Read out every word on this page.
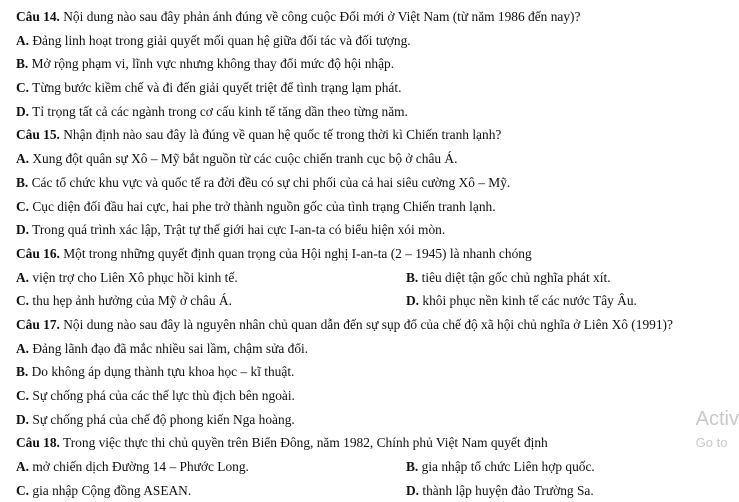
Câu 14. Nội dung nào sau đây phản ánh đúng về công cuộc Đổi mới ở Việt Nam (từ năm 1986 đến nay)?
A. Đảng linh hoạt trong giải quyết mối quan hệ giữa đối tác và đối tượng.
B. Mở rộng phạm vi, lĩnh vực nhưng không thay đổi mức độ hội nhập.
C. Từng bước kiềm chế và đi đến giải quyết triệt để tình trạng lạm phát.
D. Tỉ trọng tất cả các ngành trong cơ cấu kinh tế tăng dần theo từng năm.
Câu 15. Nhận định nào sau đây là đúng về quan hệ quốc tế trong thời kì Chiến tranh lạnh?
A. Xung đột quân sự Xô – Mỹ bắt nguồn từ các cuộc chiến tranh cục bộ ở châu Á.
B. Các tổ chức khu vực và quốc tế ra đời đều có sự chi phối của cả hai siêu cường Xô – Mỹ.
C. Cục diện đối đầu hai cực, hai phe trở thành nguồn gốc của tình trạng Chiến tranh lạnh.
D. Trong quá trình xác lập, Trật tự thế giới hai cực I-an-ta có biểu hiện xói mòn.
Câu 16. Một trong những quyết định quan trọng của Hội nghị I-an-ta (2 – 1945) là nhanh chóng
A. viện trợ cho Liên Xô phục hồi kinh tế.	B. tiêu diệt tận gốc chủ nghĩa phát xít.
C. thu hẹp ảnh hưởng của Mỹ ở châu Á.	D. khôi phục nền kinh tế các nước Tây Âu.
Câu 17. Nội dung nào sau đây là nguyên nhân chủ quan dẫn đến sự sụp đổ của chế độ xã hội chủ nghĩa ở Liên Xô (1991)?
A. Đảng lãnh đạo đã mắc nhiều sai lầm, chậm sửa đổi.
B. Do không áp dụng thành tựu khoa học – kĩ thuật.
C. Sự chống phá của các thế lực thù địch bên ngoài.
D. Sự chống phá của chế độ phong kiến Nga hoàng.
Câu 18. Trong việc thực thi chủ quyền trên Biển Đông, năm 1982, Chính phủ Việt Nam quyết định
A. mở chiến dịch Đường 14 – Phước Long.	B. gia nhập tổ chức Liên hợp quốc.
C. gia nhập Cộng đồng ASEAN.	D. thành lập huyện đảo Trường Sa.
Activ
Go to
